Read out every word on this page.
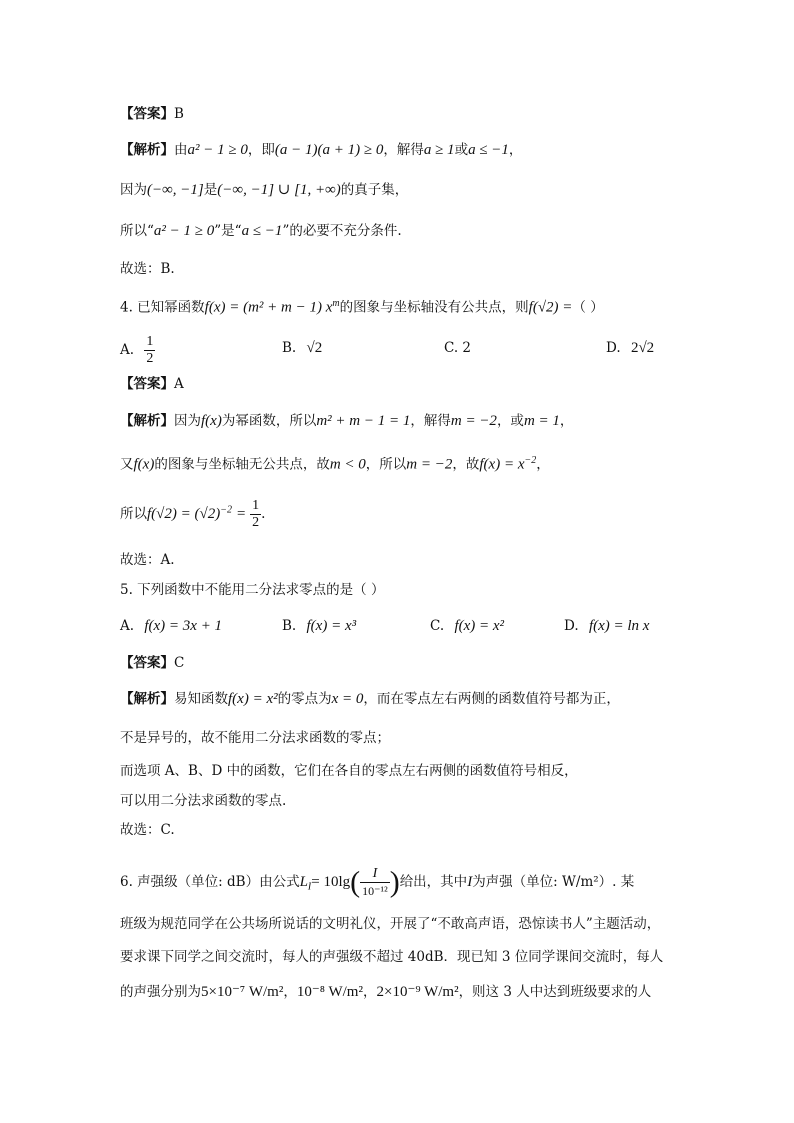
【答案】B
【解析】由a² − 1 ≥ 0，即(a − 1)(a + 1) ≥ 0，解得a ≥ 1或a ≤ −1，
因为(−∞, −1]是(−∞, −1] ∪ [1, +∞)的真子集，
所以“a² − 1 ≥ 0”是“a ≤ −1”的必要不充分条件.
故选：B.
4. 已知幂函数f(x) = (m² + m − 1) $x^m$的图象与坐标轴没有公共点，则f(√2) =（ ）
A. $\frac{1}{2}$	B. √2	C. 2	D. 2√2
【答案】A
【解析】因为f(x)为幂函数，所以m² + m − 1 = 1，解得m = −2，或m = 1，
又f(x)的图象与坐标轴无公共点，故m < 0，所以m = −2，故$f(x) = x^{-2}$，
所以$f(√2) = (√2)^{-2} = \frac{1}{2}$ .
故选：A.
5. 下列函数中不能用二分法求零点的是（ ）
A. f(x) = 3x + 1	B. f(x) = x³	C. f(x) = x²	D. f(x) = ln x
【答案】C
【解析】易知函数f(x) = x²的零点为x = 0，而在零点左右两侧的函数值符号都为正，
不是异号的，故不能用二分法求函数的零点；
而选项 A、B、D 中的函数，它们在各自的零点左右两侧的函数值符号相反，
可以用二分法求函数的零点.
故选：C.
6. 声强级（单位: dB）由公式$L_I= 10\lg( \frac{I}{\text{10⁻¹²}}$ )给出，其中I为声强（单位: W/m²）. 某
班级为规范同学在公共场所说话的文明礼仪，开展了“不敢高声语，恐惊读书人”主题活动，
要求课下同学之间交流时，每人的声强级不超过 40dB．现已知 3 位同学课间交流时，每人
的声强分别为5×10⁻⁷ W/m²，10⁻⁸ W/m²，2×10⁻⁹ W/m²，则这 3 人中达到班级要求的人
